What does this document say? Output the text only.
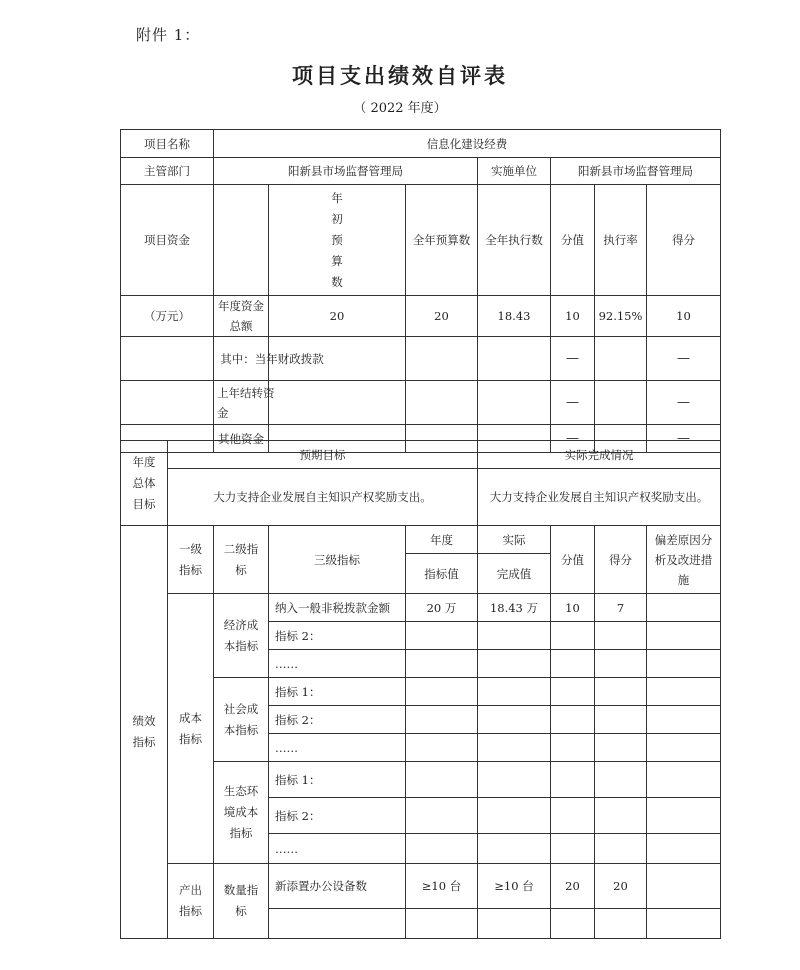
附件 1：
项目支出绩效自评表
（ 2022 年度）
项目名称	信息化建设经费						
主管部门	阳新县市场监督管理局			实施单位	阳新县市场监督管理局		
项目资金		年初预算数	全年预算数	全年执行数	分值	执行率	得分
（万元）	年度资金总额	20	20	18.43	10	92.15%	10
	其中：当年财政拨款				—		—
	上年结转资金				—		—
	其他资金				—		—
年度总体目标	预期目标	实际完成情况
	大力支持企业发展自主知识产权奖励支出。	大力支持企业发展自主知识产权奖励支出。
绩效指标	一级指标	二级指标	三级指标	年度	实际	分值	得分	偏差原因分析及改进措施
				指标值	完成值			
	成本指标	经济成本指标	纳入一般非税拨款金额	20 万	18.43 万	10	7	
			指标 2：					
			……					
		社会成本指标	指标 1：					
			指标 2：					
			……					
		生态环境成本指标	指标 1：					
			指标 2：					
			……					
	产出指标	数量指标	新添置办公设备数	≥10 台	≥10 台	20	20	
